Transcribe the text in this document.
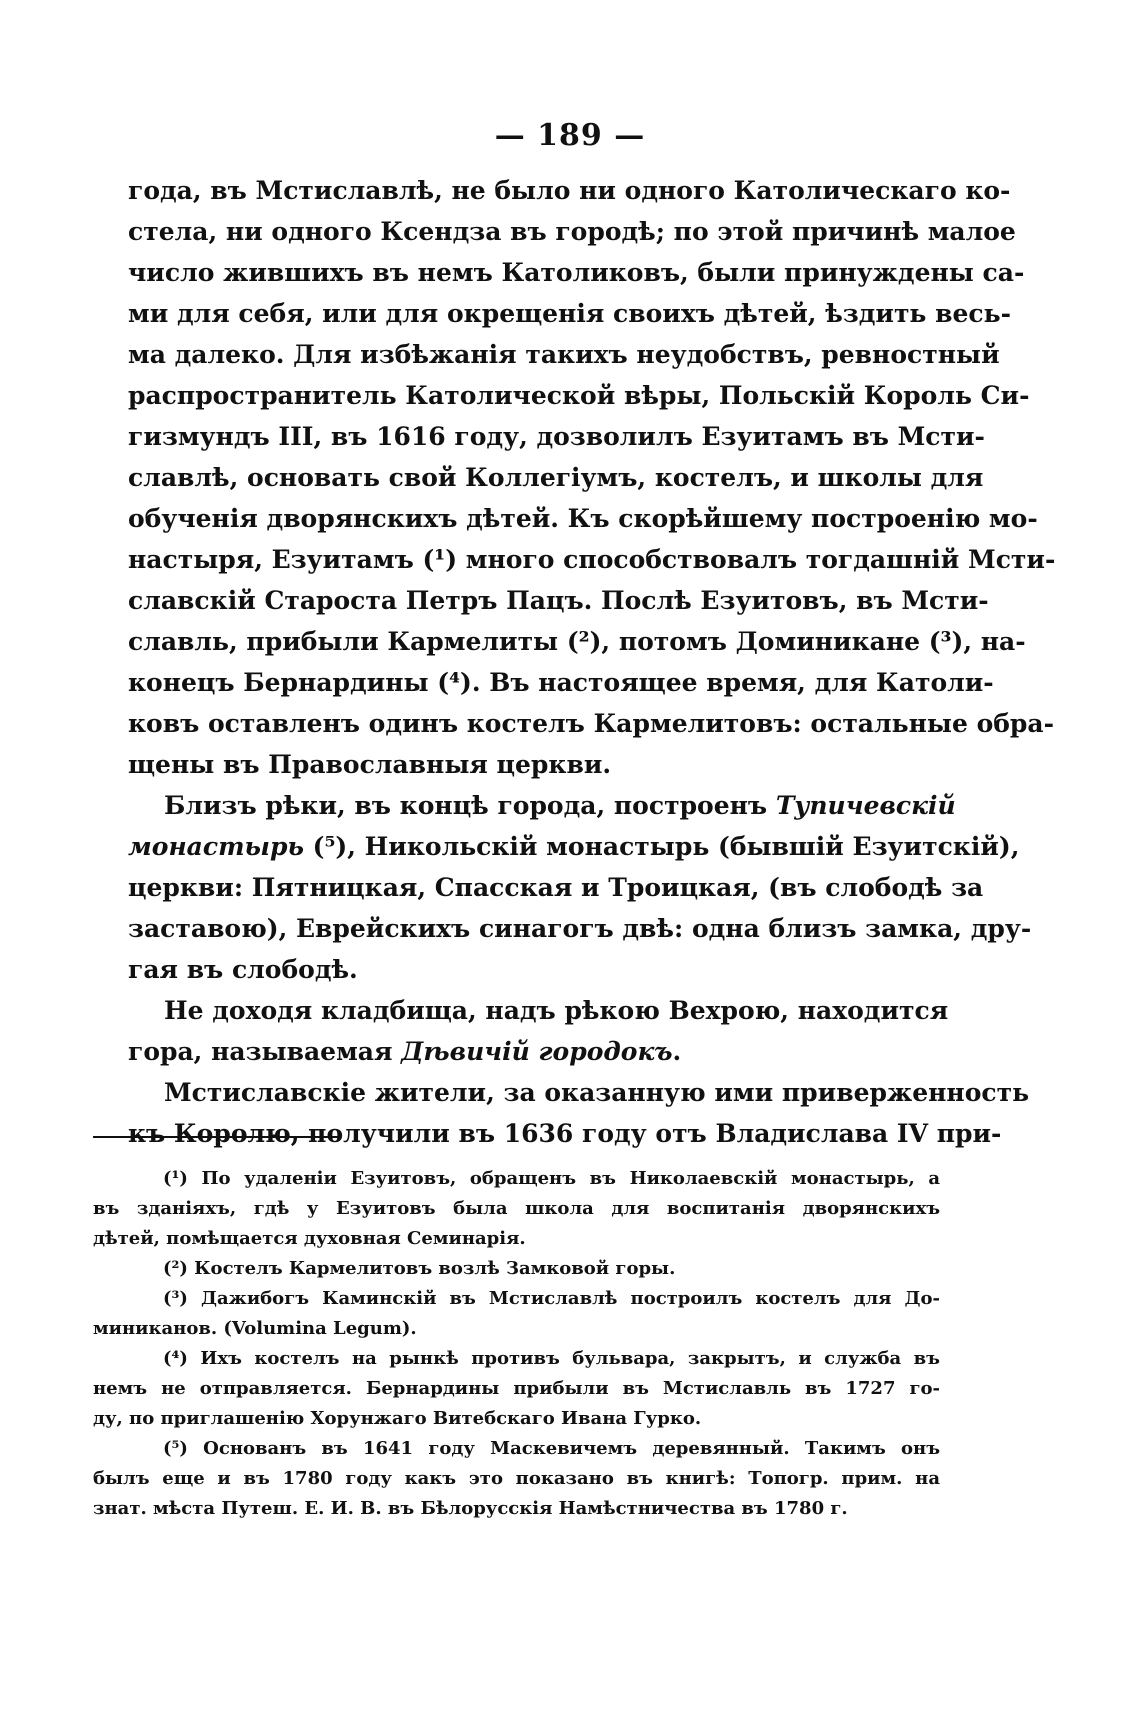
— 189 —
года, въ Мстиславлѣ, не было ни одного Католическаго ко-
стела, ни одного Ксендза въ городѣ; по этой причинѣ малое
число жившихъ въ немъ Католиковъ, были принуждены са-
ми для себя, или для окрещенія своихъ дѣтей, ѣздить весь-
ма далеко. Для избѣжанія такихъ неудобствъ, ревностный
распространитель Католической вѣры, Польскій Король Си-
гизмундъ III, въ 1616 году, дозволилъ Езуитамъ въ Мсти-
славлѣ, основать свой Коллегіумъ, костелъ, и школы для
обученія дворянскихъ дѣтей. Къ скорѣйшему построенію мо-
настыря, Езуитамъ (¹) много способствовалъ тогдашній Мсти-
славскій Староста Петръ Пацъ. Послѣ Езуитовъ, въ Мсти-
славль, прибыли Кармелиты (²), потомъ Доминикане (³), на-
конецъ Бернардины (⁴). Въ настоящее время, для Католи-
ковъ оставленъ одинъ костелъ Кармелитовъ: остальные обра-
щены въ Православныя церкви.
Близъ рѣки, въ концѣ города, построенъ Тупичевскій
монастырь (⁵), Никольскій монастырь (бывшій Езуитскій),
церкви: Пятницкая, Спасская и Троицкая, (въ слободѣ за
заставою), Еврейскихъ синагогъ двѣ: одна близъ замка, дру-
гая въ слободѣ.
Не доходя кладбища, надъ рѣкою Вехрою, находится
гора, называемая Дѣвичій городокъ.
Мстиславскіе жители, за оказанную ими приверженность
къ Королю, получили въ 1636 году отъ Владислава IV при-
(¹) По удаленіи Езуитовъ, обращенъ въ Николаевскій монастырь, а
въ зданіяхъ, гдѣ у Езуитовъ была школа для воспитанія дворянскихъ
дѣтей, помѣщается духовная Семинарія.
(²) Костелъ Кармелитовъ возлѣ Замковой горы.
(³) Дажибогъ Каминскій въ Мстиславлѣ построилъ костелъ для До-
миниканов. (Volumina Legum).
(⁴) Ихъ костелъ на рынкѣ противъ бульвара, закрытъ, и служба въ
немъ не отправляется. Бернардины прибыли въ Мстиславль въ 1727 го-
ду, по приглашенію Хорунжаго Витебскаго Ивана Гурко.
(⁵) Основанъ въ 1641 году Маскевичемъ деревянный. Такимъ онъ
былъ еще и въ 1780 году какъ это показано въ книгѣ: Топогр. прим. на
знат. мѣста Путеш. Е. И. В. въ Бѣлорусскія Намѣстничества въ 1780 г.
